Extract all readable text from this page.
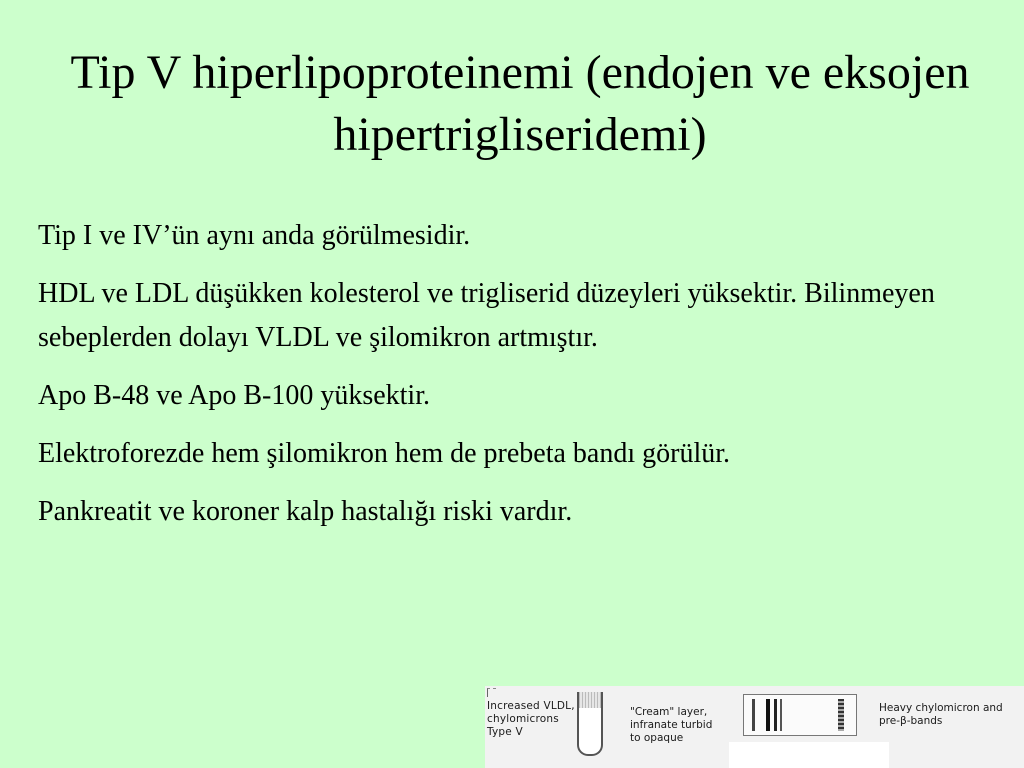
Tip V hiperlipoproteinemi (endojen ve eksojen hipertrigliseridemi)

Tip I ve IV’ün aynı anda görülmesidir.

HDL ve LDL düşükken kolesterol ve trigliserid düzeyleri yüksektir. Bilinmeyen sebeplerden dolayı VLDL ve şilomikron artmıştır.

Apo B-48 ve Apo B-100 yüksektir.

Elektroforezde hem şilomikron hem de prebeta bandı görülür.

Pankreatit ve koroner kalp hastalığı riski vardır.

Increased VLDL,
chylomicrons
Type V
"Cream" layer,
infranate turbid
to opaque
Heavy chylomicron and
pre-β-bands
